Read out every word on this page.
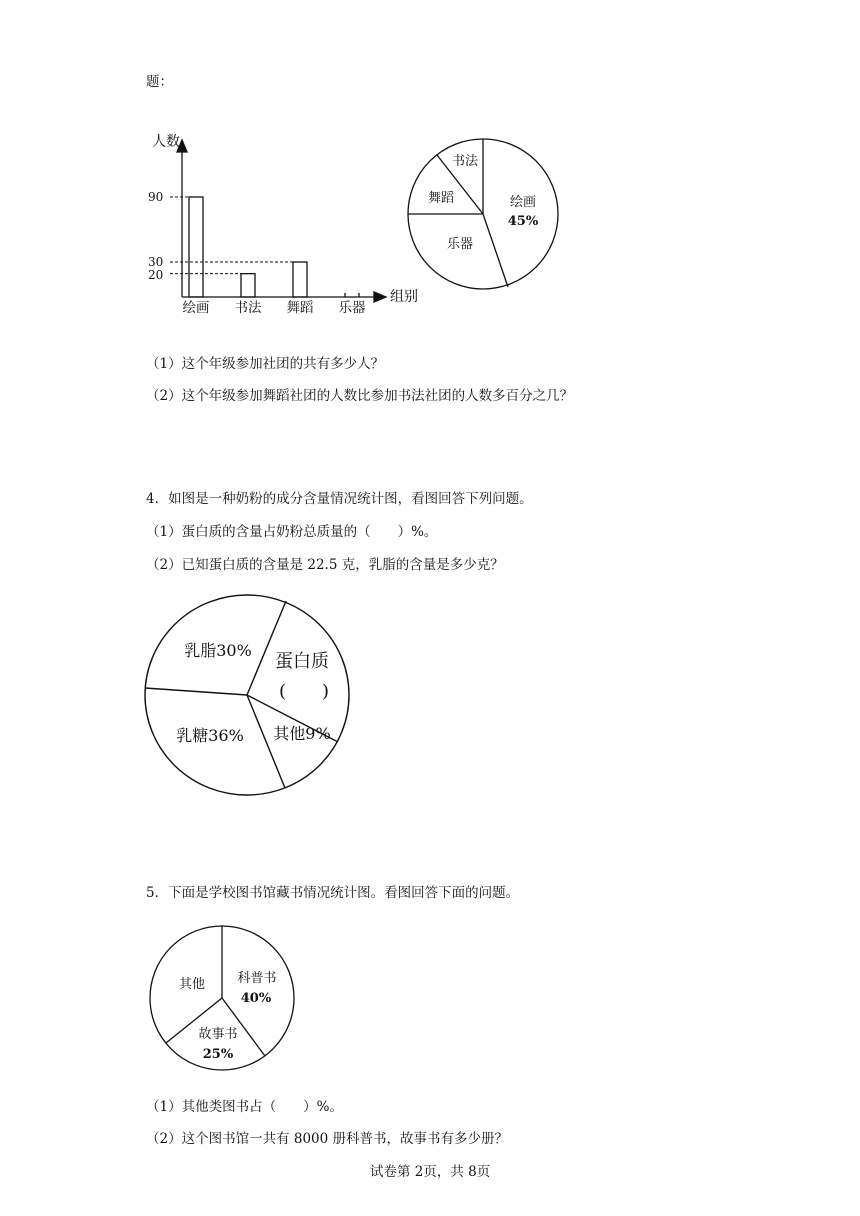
题：
人数
组别
90
30
20
绘画 书法 舞蹈 乐器
书法
舞蹈	绘画
45%
乐器
（1）这个年级参加社团的共有多少人？
（2）这个年级参加舞蹈社团的人数比参加书法社团的人数多百分之几？
4．如图是一种奶粉的成分含量情况统计图，看图回答下列问题。
（1）蛋白质的含量占奶粉总质量的（　　）%。
（2）已知蛋白质的含量是 22.5 克，乳脂的含量是多少克？
乳脂30%
蛋白质
(　　)
乳糖36% 其他9%
5．下面是学校图书馆藏书情况统计图。看图回答下面的问题。
其他 科普书
40%
故事书
25%
（1）其他类图书占（　　）%。
（2）这个图书馆一共有 8000 册科普书，故事书有多少册？
试卷第 2页，共 8页
